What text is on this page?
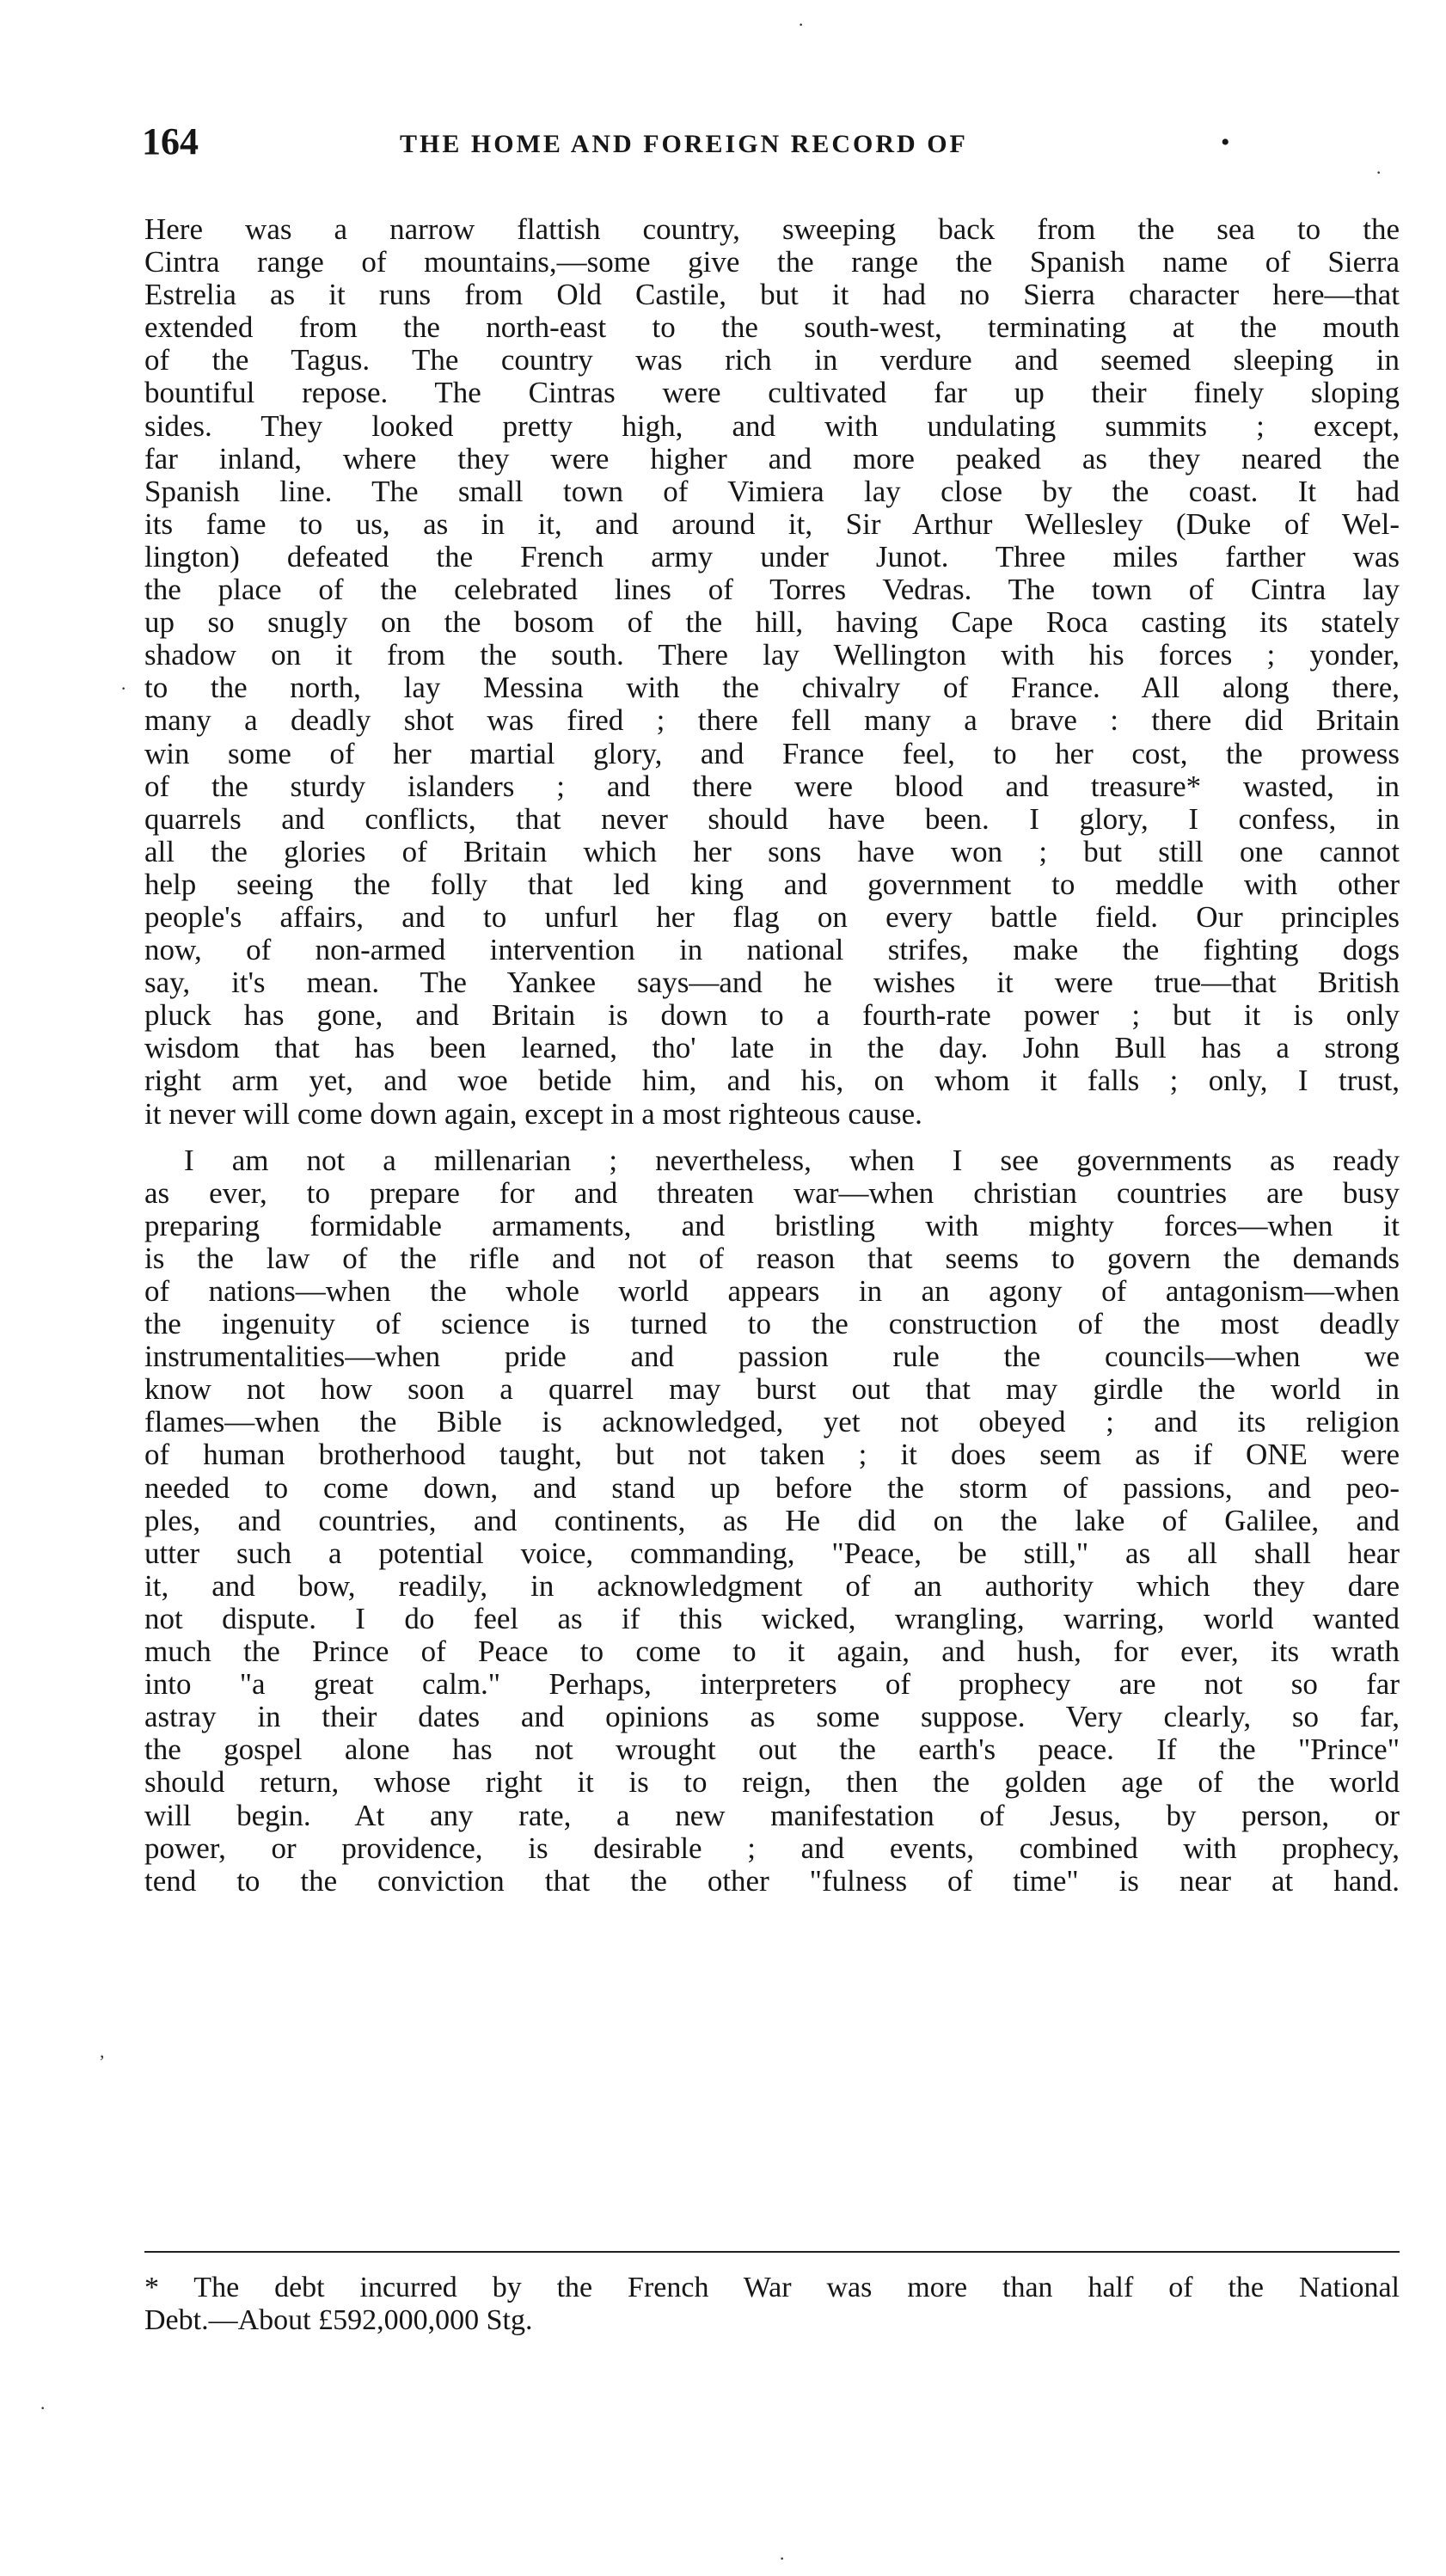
164	THE HOME AND FOREIGN RECORD OF	•
Here was a narrow flattish country, sweeping back from the sea to the
Cintra range of mountains,—some give the range the Spanish name of Sierra
Estrelia as it runs from Old Castile, but it had no Sierra character here—that
extended from the north-east to the south-west, terminating at the mouth
of the Tagus. The country was rich in verdure and seemed sleeping in
bountiful repose. The Cintras were cultivated far up their finely sloping
sides. They looked pretty high, and with undulating summits ; except,
far inland, where they were higher and more peaked as they neared the
Spanish line. The small town of Vimiera lay close by the coast. It had
its fame to us, as in it, and around it, Sir Arthur Wellesley (Duke of Wel-
lington) defeated the French army under Junot. Three miles farther was
the place of the celebrated lines of Torres Vedras. The town of Cintra lay
up so snugly on the bosom of the hill, having Cape Roca casting its stately
shadow on it from the south. There lay Wellington with his forces ; yonder,
to the north, lay Messina with the chivalry of France. All along there,
many a deadly shot was fired ; there fell many a brave : there did Britain
win some of her martial glory, and France feel, to her cost, the prowess
of the sturdy islanders ; and there were blood and treasure* wasted, in
quarrels and conflicts, that never should have been. I glory, I confess, in
all the glories of Britain which her sons have won ; but still one cannot
help seeing the folly that led king and government to meddle with other
people's affairs, and to unfurl her flag on every battle field. Our principles
now, of non-armed intervention in national strifes, make the fighting dogs
say, it's mean. The Yankee says—and he wishes it were true—that British
pluck has gone, and Britain is down to a fourth-rate power ; but it is only
wisdom that has been learned, tho' late in the day. John Bull has a strong
right arm yet, and woe betide him, and his, on whom it falls ; only, I trust,
it never will come down again, except in a most righteous cause.
I am not a millenarian ; nevertheless, when I see governments as ready
as ever, to prepare for and threaten war—when christian countries are busy
preparing formidable armaments, and bristling with mighty forces—when it
is the law of the rifle and not of reason that seems to govern the demands
of nations—when the whole world appears in an agony of antagonism—when
the ingenuity of science is turned to the construction of the most deadly
instrumentalities—when pride and passion rule the councils—when we
know not how soon a quarrel may burst out that may girdle the world in
flames—when the Bible is acknowledged, yet not obeyed ; and its religion
of human brotherhood taught, but not taken ; it does seem as if ONE were
needed to come down, and stand up before the storm of passions, and peo-
ples, and countries, and continents, as He did on the lake of Galilee, and
utter such a potential voice, commanding, "Peace, be still," as all shall hear
it, and bow, readily, in acknowledgment of an authority which they dare
not dispute. I do feel as if this wicked, wrangling, warring, world wanted
much the Prince of Peace to come to it again, and hush, for ever, its wrath
into "a great calm." Perhaps, interpreters of prophecy are not so far
astray in their dates and opinions as some suppose. Very clearly, so far,
the gospel alone has not wrought out the earth's peace. If the "Prince"
should return, whose right it is to reign, then the golden age of the world
will begin. At any rate, a new manifestation of Jesus, by person, or
power, or providence, is desirable ; and events, combined with prophecy,
tend to the conviction that the other "fulness of time" is near at hand.
* The debt incurred by the French War was more than half of the National
Debt.—About £592,000,000 Stg.
·
·
·
,
·
·
